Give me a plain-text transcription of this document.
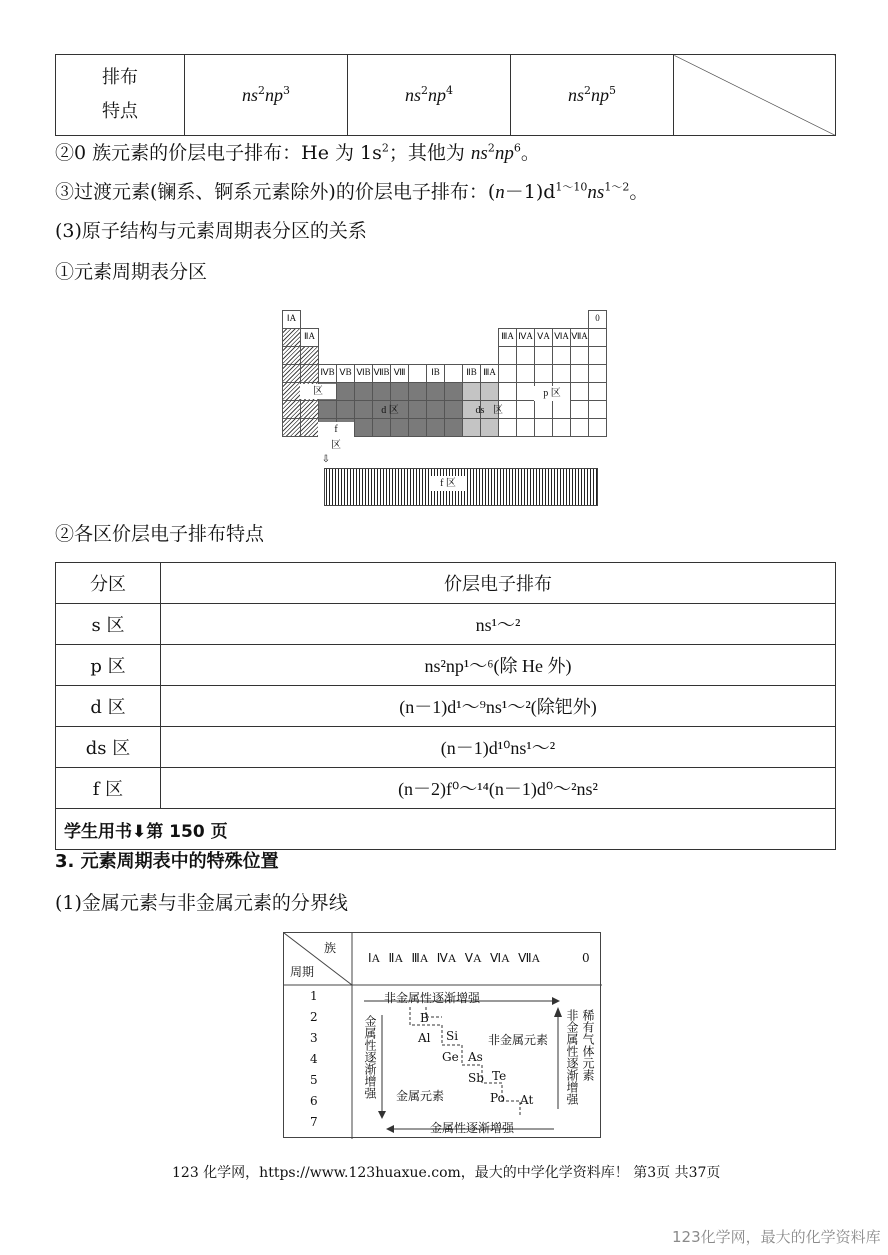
排布
特点
	$ns^2np^3$	$ns^2np^4$	$ns^2np^5$	
②0 族元素的价层电子排布：He 为 $1s^2$；其他为 $ns^2np^6$。
③过渡元素(镧系、锕系元素除外)的价层电子排布：$(n-1)d^{1\sim 10}ns^{1\sim 2}$。
(3)原子结构与元素周期表分区的关系
①元素周期表分区
ⅠA
ⅡA
ⅣB ⅤB ⅥB ⅦB Ⅷ	ⅠB	ⅡB ⅢA
ⅢA ⅣA ⅤA ⅥA ⅦA
0
区
d 区	ds 区
p 区
f
区
f 区
⇩
②各区价层电子排布特点
分区	价层电子排布
s 区	ns¹～²
p 区	ns²np¹～⁶(除 He 外)
d 区	(n－1)d¹～⁹ns¹～²(除钯外)
ds 区	(n－1)d¹⁰ns¹～²
f 区	(n－2)f⁰～¹⁴(n－1)d⁰～²ns²
学生用书⬇第 150 页	
3. 元素周期表中的特殊位置
(1)金属元素与非金属元素的分界线
族
周期
ⅠA ⅡA ⅢA ⅣA ⅤA ⅥA ⅦA	0
1
2
3
4
5
6
7
非金属性逐渐增强
金属性逐渐增强
金属性逐渐增强	非金属性逐渐增强 稀有气体元素
非金属元素
金属元素
B
Al Si
Ge As
Sb Te
Po At
123 化学网，https://www.123huaxue.com，最大的中学化学资料库！ 第3页 共37页
123化学网，最大的化学资料库
